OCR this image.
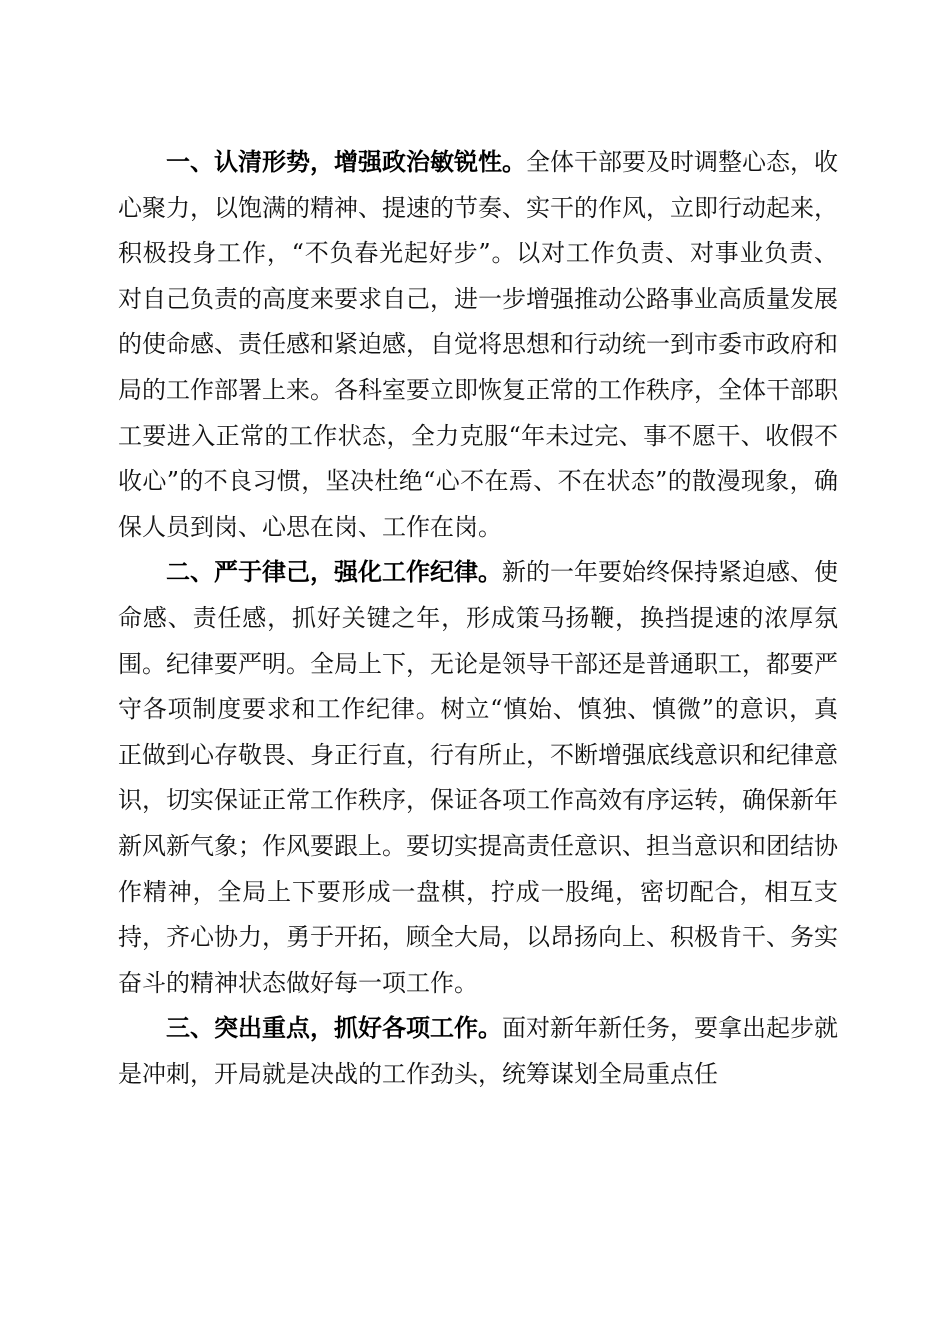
一、认清形势，增强政治敏锐性。全体干部要及时调整心态，收心聚力，以饱满的精神、提速的节奏、实干的作风，立即行动起来，积极投身工作，“不负春光起好步”。以对工作负责、对事业负责、对自己负责的高度来要求自己，进一步增强推动公路事业高质量发展的使命感、责任感和紧迫感，自觉将思想和行动统一到市委市政府和局的工作部署上来。各科室要立即恢复正常的工作秩序，全体干部职工要进入正常的工作状态，全力克服“年未过完、事不愿干、收假不收心”的不良习惯，坚决杜绝“心不在焉、不在状态”的散漫现象，确保人员到岗、心思在岗、工作在岗。

二、严于律己，强化工作纪律。新的一年要始终保持紧迫感、使命感、责任感，抓好关键之年，形成策马扬鞭，换挡提速的浓厚氛围。纪律要严明。全局上下，无论是领导干部还是普通职工，都要严守各项制度要求和工作纪律。树立“慎始、慎独、慎微”的意识，真正做到心存敬畏、身正行直，行有所止，不断增强底线意识和纪律意识，切实保证正常工作秩序，保证各项工作高效有序运转，确保新年新风新气象；作风要跟上。要切实提高责任意识、担当意识和团结协作精神，全局上下要形成一盘棋，拧成一股绳，密切配合，相互支持，齐心协力，勇于开拓，顾全大局，以昂扬向上、积极肯干、务实奋斗的精神状态做好每一项工作。

三、突出重点，抓好各项工作。面对新年新任务，要拿出起步就是冲刺，开局就是决战的工作劲头，统筹谋划全局重点任
